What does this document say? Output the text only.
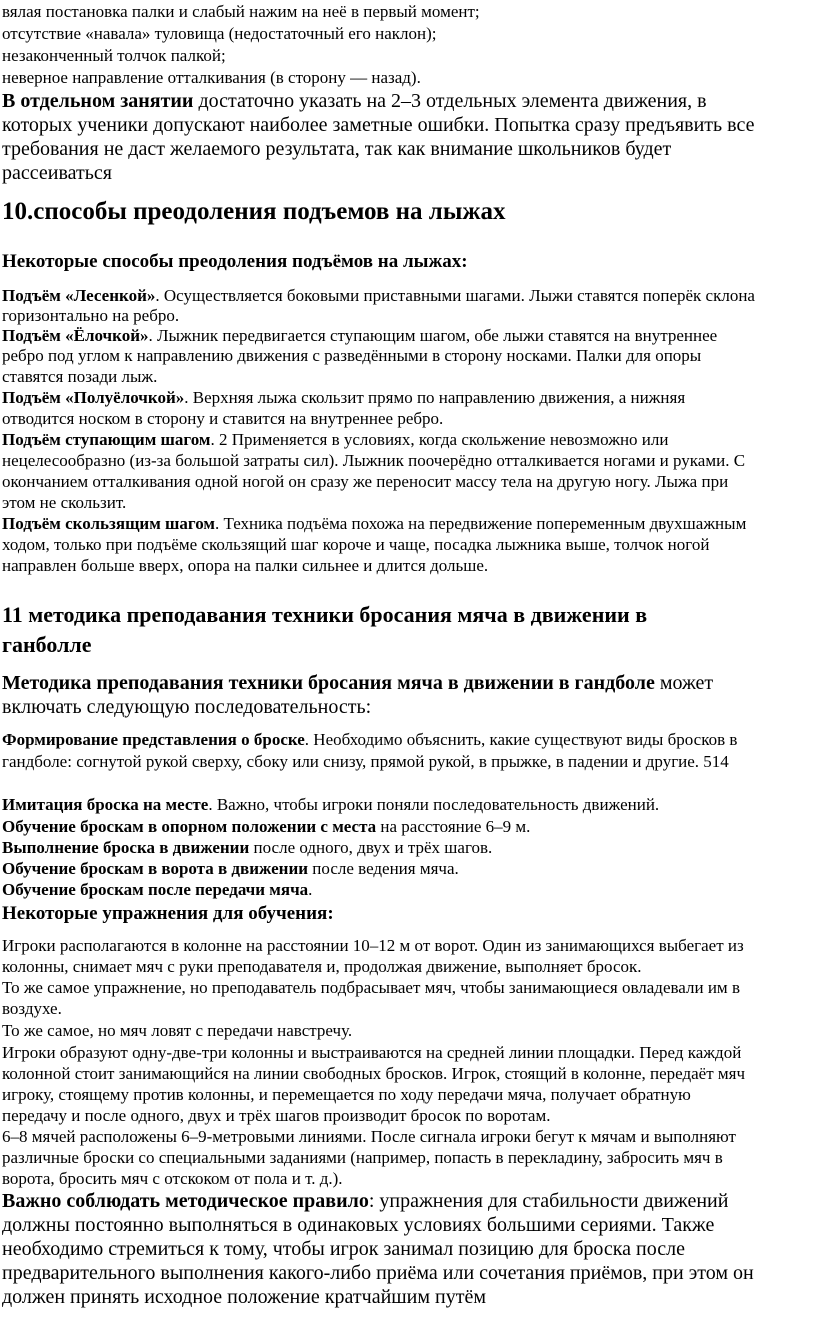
вялая постановка палки и слабый нажим на неё в первый момент;
отсутствие «навала» туловища (недостаточный его наклон);
незаконченный толчок палкой;
неверное направление отталкивания (в сторону — назад).
В отдельном занятии достаточно указать на 2–3 отдельных элемента движения, в
которых ученики допускают наиболее заметные ошибки. Попытка сразу предъявить все
требования не даст желаемого результата, так как внимание школьников будет
рассеиваться
10.способы преодоления подъемов на лыжах
Некоторые способы преодоления подъёмов на лыжах:
Подъём «Лесенкой». Осуществляется боковыми приставными шагами. Лыжи ставятся поперёк склона
горизонтально на ребро.
Подъём «Ёлочкой». Лыжник передвигается ступающим шагом, обе лыжи ставятся на внутреннее
ребро под углом к направлению движения с разведёнными в сторону носками. Палки для опоры
ставятся позади лыж.
Подъём «Полуёлочкой». Верхняя лыжа скользит прямо по направлению движения, а нижняя
отводится носком в сторону и ставится на внутреннее ребро.
Подъём ступающим шагом. 2 Применяется в условиях, когда скольжение невозможно или
нецелесообразно (из-за большой затраты сил). Лыжник поочерёдно отталкивается ногами и руками. С
окончанием отталкивания одной ногой он сразу же переносит массу тела на другую ногу. Лыжа при
этом не скользит.
Подъём скользящим шагом. Техника подъёма похожа на передвижение попеременным двухшажным
ходом, только при подъёме скользящий шаг короче и чаще, посадка лыжника выше, толчок ногой
направлен больше вверх, опора на палки сильнее и длится дольше.
11 методика преподавания техники бросания мяча в движении в
ганболле
Методика преподавания техники бросания мяча в движении в гандболе может
включать следующую последовательность:
Формирование представления о броске. Необходимо объяснить, какие существуют виды бросков в
гандболе: согнутой рукой сверху, сбоку или снизу, прямой рукой, в прыжке, в падении и другие. 514
Имитация броска на месте. Важно, чтобы игроки поняли последовательность движений.
Обучение броскам в опорном положении с места на расстояние 6–9 м.
Выполнение броска в движении после одного, двух и трёх шагов.
Обучение броскам в ворота в движении после ведения мяча.
Обучение броскам после передачи мяча.
Некоторые упражнения для обучения:
Игроки располагаются в колонне на расстоянии 10–12 м от ворот. Один из занимающихся выбегает из
колонны, снимает мяч с руки преподавателя и, продолжая движение, выполняет бросок.
То же самое упражнение, но преподаватель подбрасывает мяч, чтобы занимающиеся овладевали им в
воздухе.
То же самое, но мяч ловят с передачи навстречу.
Игроки образуют одну-две-три колонны и выстраиваются на средней линии площадки. Перед каждой
колонной стоит занимающийся на линии свободных бросков. Игрок, стоящий в колонне, передаёт мяч
игроку, стоящему против колонны, и перемещается по ходу передачи мяча, получает обратную
передачу и после одного, двух и трёх шагов производит бросок по воротам.
6–8 мячей расположены 6–9-метровыми линиями. После сигнала игроки бегут к мячам и выполняют
различные броски со специальными заданиями (например, попасть в перекладину, забросить мяч в
ворота, бросить мяч с отскоком от пола и т. д.).
Важно соблюдать методическое правило: упражнения для стабильности движений
должны постоянно выполняться в одинаковых условиях большими сериями. Также
необходимо стремиться к тому, чтобы игрок занимал позицию для броска после
предварительного выполнения какого-либо приёма или сочетания приёмов, при этом он
должен принять исходное положение кратчайшим путём
